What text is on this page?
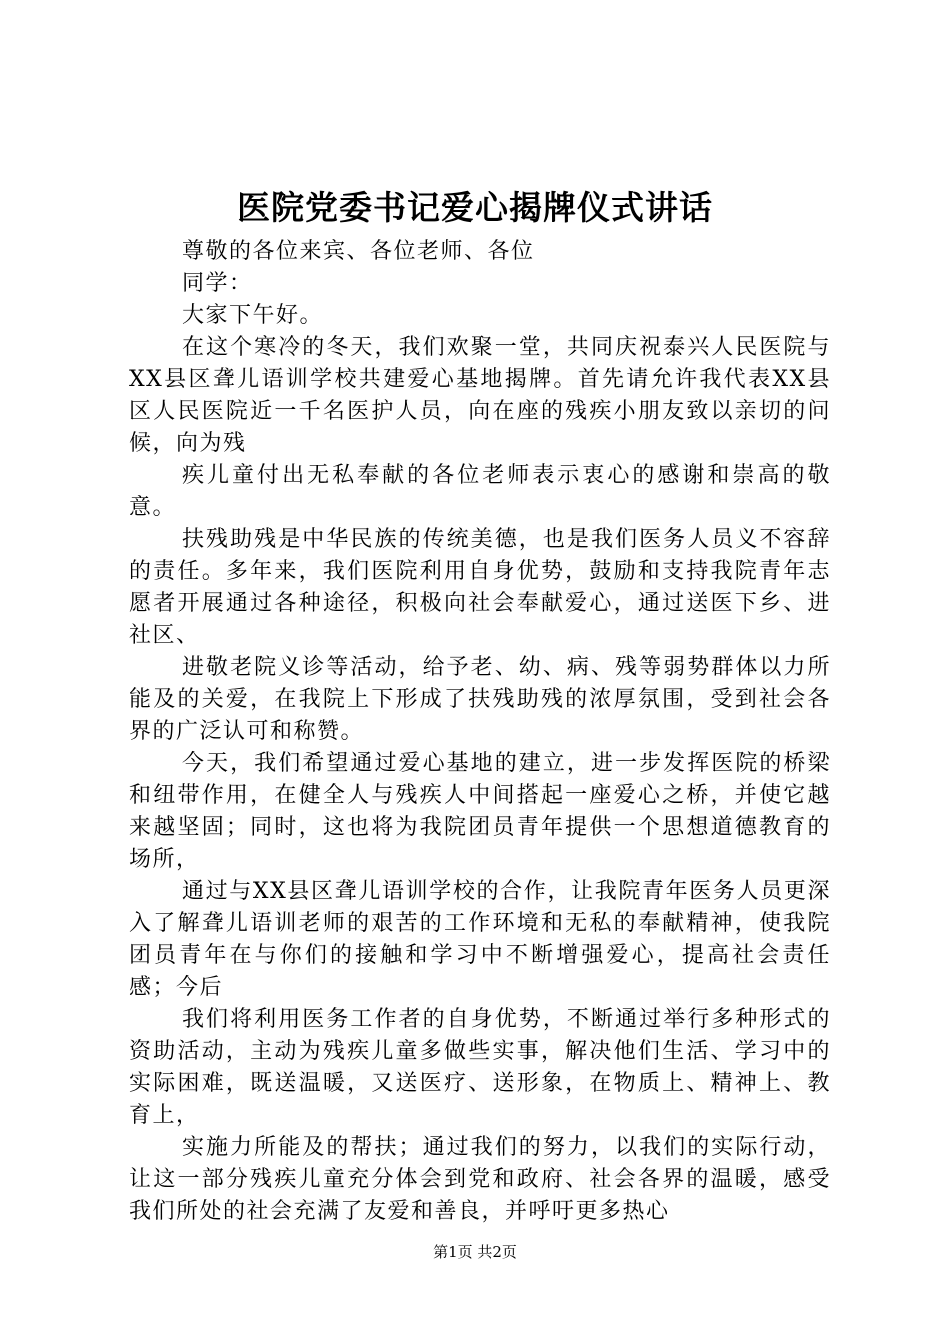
医院党委书记爱心揭牌仪式讲话

尊敬的各位来宾、各位老师、各位

同学：

大家下午好。

在这个寒冷的冬天，我们欢聚一堂，共同庆祝泰兴人民医院与XX县区聋儿语训学校共建爱心基地揭牌。首先请允许我代表XX县区人民医院近一千名医护人员，向在座的残疾小朋友致以亲切的问候，向为残

疾儿童付出无私奉献的各位老师表示衷心的感谢和崇高的敬意。

扶残助残是中华民族的传统美德，也是我们医务人员义不容辞的责任。多年来，我们医院利用自身优势，鼓励和支持我院青年志愿者开展通过各种途径，积极向社会奉献爱心，通过送医下乡、进社区、

进敬老院义诊等活动，给予老、幼、病、残等弱势群体以力所能及的关爱，在我院上下形成了扶残助残的浓厚氛围，受到社会各界的广泛认可和称赞。

今天，我们希望通过爱心基地的建立，进一步发挥医院的桥梁和纽带作用，在健全人与残疾人中间搭起一座爱心之桥，并使它越来越坚固；同时，这也将为我院团员青年提供一个思想道德教育的场所，

通过与XX县区聋儿语训学校的合作，让我院青年医务人员更深入了解聋儿语训老师的艰苦的工作环境和无私的奉献精神，使我院团员青年在与你们的接触和学习中不断增强爱心，提高社会责任感；今后

我们将利用医务工作者的自身优势，不断通过举行多种形式的资助活动，主动为残疾儿童多做些实事，解决他们生活、学习中的实际困难，既送温暖，又送医疗、送形象，在物质上、精神上、教育上，

实施力所能及的帮扶；通过我们的努力，以我们的实际行动，让这一部分残疾儿童充分体会到党和政府、社会各界的温暖，感受我们所处的社会充满了友爱和善良，并呼吁更多热心

第1页 共2页
